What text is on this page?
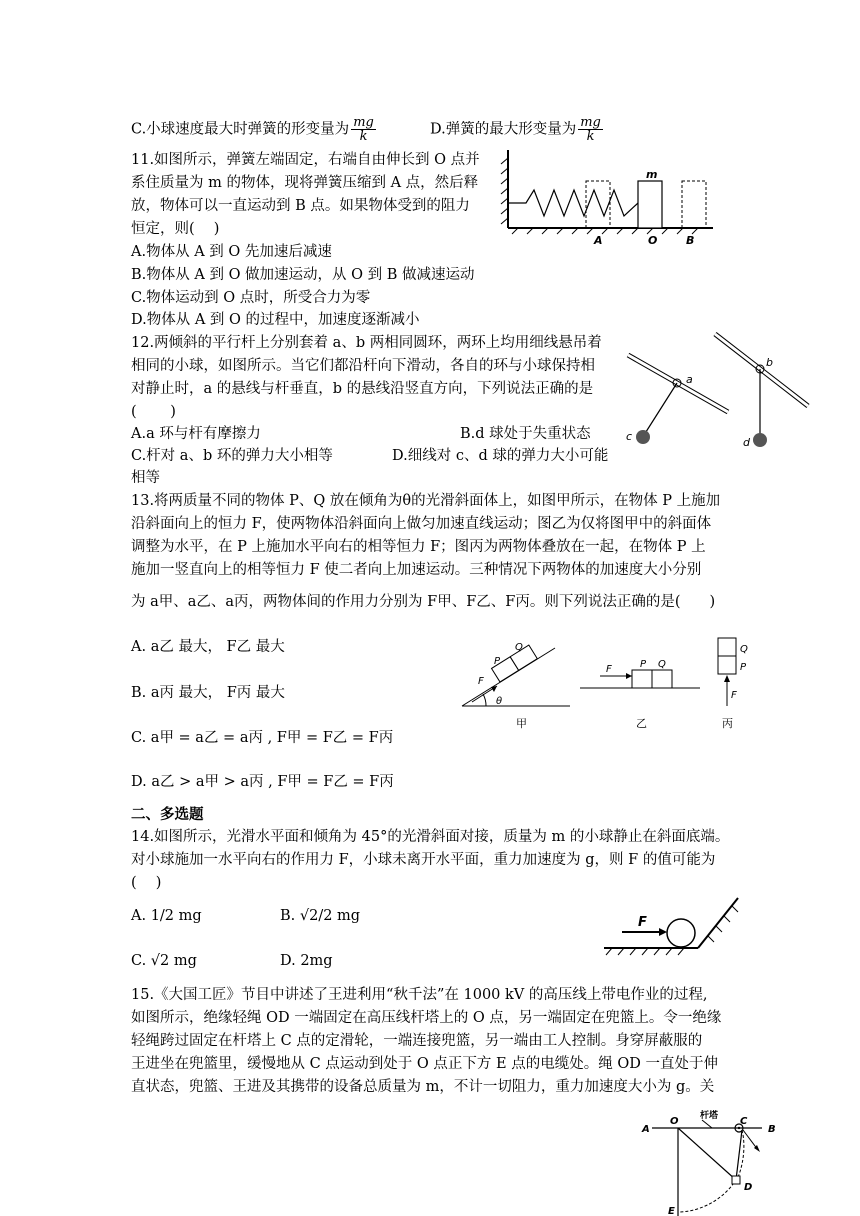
C.小球速度最大时弹簧的形变量为 $\frac{mg}{k}$	D.弹簧的最大形变量为 $\frac{mg}{k}$
11.如图所示，弹簧左端固定，右端自由伸长到 O 点并
系住质量为 m 的物体，现将弹簧压缩到 A 点，然后释
放，物体可以一直运动到 B 点。如果物体受到的阻力
恒定，则(　 )
A.物体从 A 到 O 先加速后减速
B.物体从 A 到 O 做加速运动，从 O 到 B 做减速运动
C.物体运动到 O 点时，所受合力为零
D.物体从 A 到 O 的过程中，加速度逐渐减小
m
A	O	B
12.两倾斜的平行杆上分别套着 a、b 两相同圆环，两环上均用细线悬吊着
相同的小球，如图所示。当它们都沿杆向下滑动，各自的环与小球保持相
对静止时，a 的悬线与杆垂直，b 的悬线沿竖直方向，下列说法正确的是
(　　 )
A.a 环与杆有摩擦力	B.d 球处于失重状态
C.杆对 a、b 环的弹力大小相等	D.细线对 c、d 球的弹力大小可能
相等
a
b
c	d
13.将两质量不同的物体 P、Q 放在倾角为θ的光滑斜面体上，如图甲所示，在物体 P 上施加
沿斜面向上的恒力 F，使两物体沿斜面向上做匀加速直线运动；图乙为仅将图甲中的斜面体
调整为水平，在 P 上施加水平向右的相等恒力 F；图丙为两物体叠放在一起，在物体 P 上
施加一竖直向上的相等恒力 F 使二者向上加速运动。三种情况下两物体的加速度大小分别
为 a甲、a乙、a丙，两物体间的作用力分别为 F甲、F乙、F丙。则下列说法正确的是(　　)
A. a乙 最大， F乙 最大
B. a丙 最大， F丙 最大
C. a甲 = a乙 = a丙 , F甲 = F乙 = F丙
D. a乙 > a甲 > a丙 , F甲 = F乙 = F丙
F
P
Q
θ
甲
F	P Q
乙
Q
P
F
丙
二、多选题
14.如图所示，光滑水平面和倾角为 45°的光滑斜面对接，质量为 m 的小球静止在斜面底端。
对小球施加一水平向右的作用力 F，小球未离开水平面，重力加速度为 g，则 F 的值可能为
(　 )
A. 1/2 mg	B. √2/2 mg
C. √2 mg	D. 2mg
F
15.《大国工匠》节目中讲述了王进利用“秋千法”在 1000 kV 的高压线上带电作业的过程,
如图所示，绝缘轻绳 OD 一端固定在高压线杆塔上的 O 点，另一端固定在兜篮上。令一绝缘
轻绳跨过固定在杆塔上 C 点的定滑轮，一端连接兜篮，另一端由工人控制。身穿屏蔽服的
王进坐在兜篮里，缓慢地从 C 点运动到处于 O 点正下方 E 点的电缆处。绳 OD 一直处于伸
直状态，兜篮、王进及其携带的设备总质量为 m，不计一切阻力，重力加速度大小为 g。关
杆塔
A
O	C
B
D
E
